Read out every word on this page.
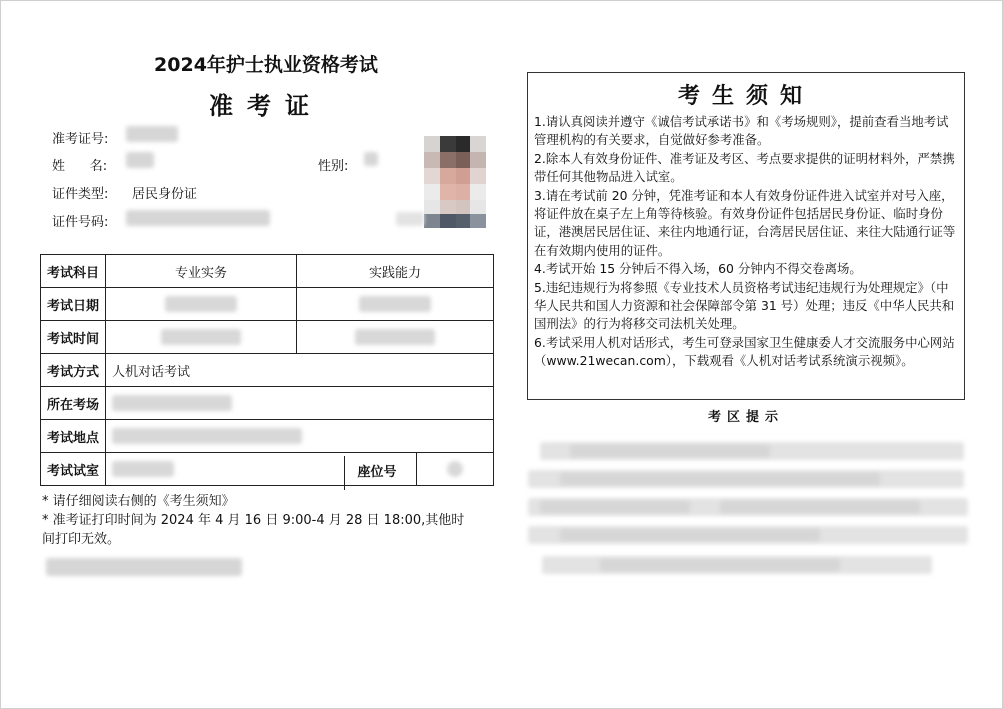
2024年护士执业资格考试
准考证
准考证号:
姓      名:	性别:
证件类型: 居民身份证
证件号码:
考试科目	专业实务	实践能力	
考试日期			
考试时间			
考试方式	人机对话考试		
所在考场			
考试地点			
考试试室			座位号
* 请仔细阅读右侧的《考生须知》
* 准考证打印时间为 2024 年 4 月 16 日 9:00-4 月 28 日 18:00,其他时
间打印无效。
考生须知

1.请认真阅读并遵守《诚信考试承诺书》和《考场规则》，提前查看当地考试管理机构的有关要求，自觉做好参考准备。

2.除本人有效身份证件、准考证及考区、考点要求提供的证明材料外，严禁携带任何其他物品进入试室。

3.请在考试前 20 分钟，凭准考证和本人有效身份证件进入试室并对号入座，将证件放在桌子左上角等待核验。有效身份证件包括居民身份证、临时身份证，港澳居民居住证、来往内地通行证，台湾居民居住证、来往大陆通行证等在有效期内使用的证件。

4.考试开始 15 分钟后不得入场，60 分钟内不得交卷离场。

5.违纪违规行为将参照《专业技术人员资格考试违纪违规行为处理规定》（中华人民共和国人力资源和社会保障部令第 31 号）处理；违反《中华人民共和国刑法》的行为将移交司法机关处理。

6.考试采用人机对话形式，考生可登录国家卫生健康委人才交流服务中心网站（www.21wecan.com），下载观看《人机对话考试系统演示视频》。

考区提示
